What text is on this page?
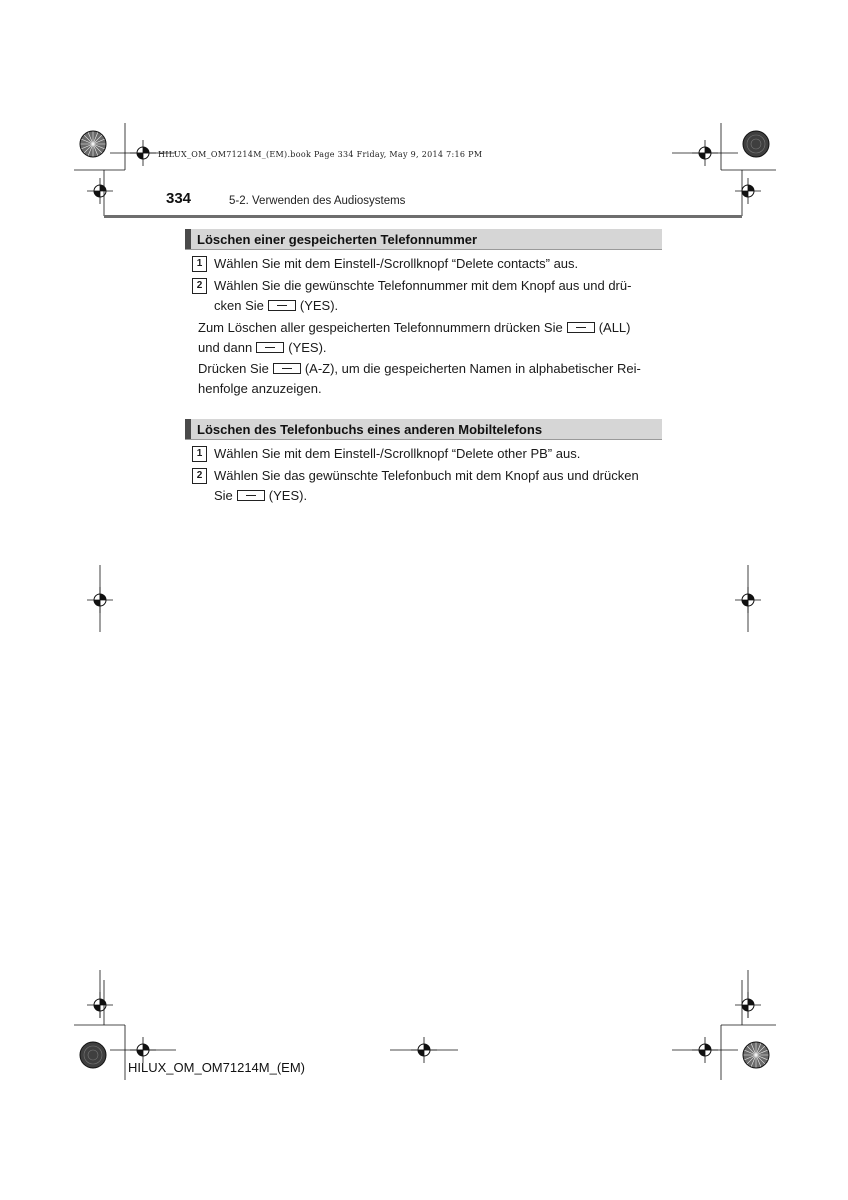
HILUX_OM_OM71214M_(EM).book Page 334 Friday, May 9, 2014 7:16 PM
334	5-2. Verwenden des Audiosystems
Löschen einer gespeicherten Telefonnummer
1 Wählen Sie mit dem Einstell-/Scrollknopf “Delete contacts” aus.
2 Wählen Sie die gewünschte Telefonnummer mit dem Knopf aus und drü-
cken Sie	(YES).
Zum Löschen aller gespeicherten Telefonnummern drücken Sie	(ALL)
und dann	(YES).
Drücken Sie	(A-Z), um die gespeicherten Namen in alphabetischer Rei-
henfolge anzuzeigen.
Löschen des Telefonbuchs eines anderen Mobiltelefons
1 Wählen Sie mit dem Einstell-/Scrollknopf “Delete other PB” aus.
2 Wählen Sie das gewünschte Telefonbuch mit dem Knopf aus und drücken
Sie	(YES).
HILUX_OM_OM71214M_(EM)
